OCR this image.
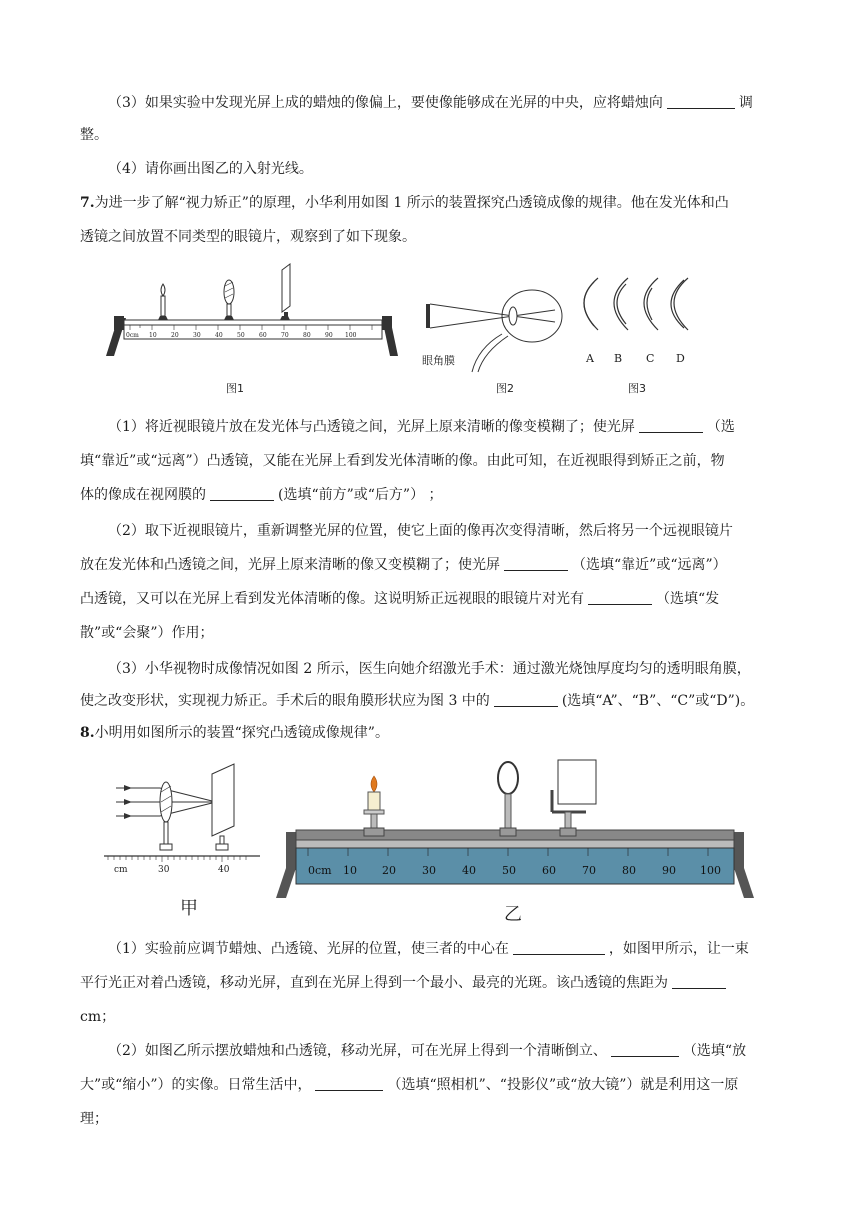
（3）如果实验中发现光屏上成的蜡烛的像偏上，要使像能够成在光屏的中央，应将蜡烛向	调
整。
（4）请你画出图乙的入射光线。
7.为进一步了解“视力矫正”的原理，小华利用如图 1 所示的装置探究凸透镜成像的规律。他在发光体和凸
透镜之间放置不同类型的眼镜片，观察到了如下现象。
0cm 10 20 30 40 50 60 70 80 90 100
图1
眼角膜
图2
A B C D
图3
（1）将近视眼镜片放在发光体与凸透镜之间，光屏上原来清晰的像变模糊了；使光屏	（选
填“靠近”或“远离”）凸透镜，又能在光屏上看到发光体清晰的像。由此可知，在近视眼得到矫正之前，物
体的像成在视网膜的	(选填“前方”或“后方”） ；
（2）取下近视眼镜片，重新调整光屏的位置，使它上面的像再次变得清晰，然后将另一个远视眼镜片
放在发光体和凸透镜之间，光屏上原来清晰的像又变模糊了；使光屏	（选填“靠近”或“远离”）
凸透镜，又可以在光屏上看到发光体清晰的像。这说明矫正远视眼的眼镜片对光有	（选填“发
散”或“会聚”）作用；
（3）小华视物时成像情况如图 2 所示，医生向她介绍激光手术：通过激光烧蚀厚度均匀的透明眼角膜，
使之改变形状，实现视力矫正。手术后的眼角膜形状应为图 3 中的	(选填“A”、“B”、“C”或“D”)。
8.小明用如图所示的装置“探究凸透镜成像规律”。
cm	30	40
甲
0cm 10 20 30 40 50 60 70 80 90 100
乙
（1）实验前应调节蜡烛、凸透镜、光屏的位置，使三者的中心在	，如图甲所示，让一束
平行光正对着凸透镜，移动光屏，直到在光屏上得到一个最小、最亮的光斑。该凸透镜的焦距为
cm；
（2）如图乙所示摆放蜡烛和凸透镜，移动光屏，可在光屏上得到一个清晰倒立、	（选填“放
大”或“缩小”）的实像。日常生活中，	（选填“照相机”、“投影仪”或“放大镜”）就是利用这一原
理；
